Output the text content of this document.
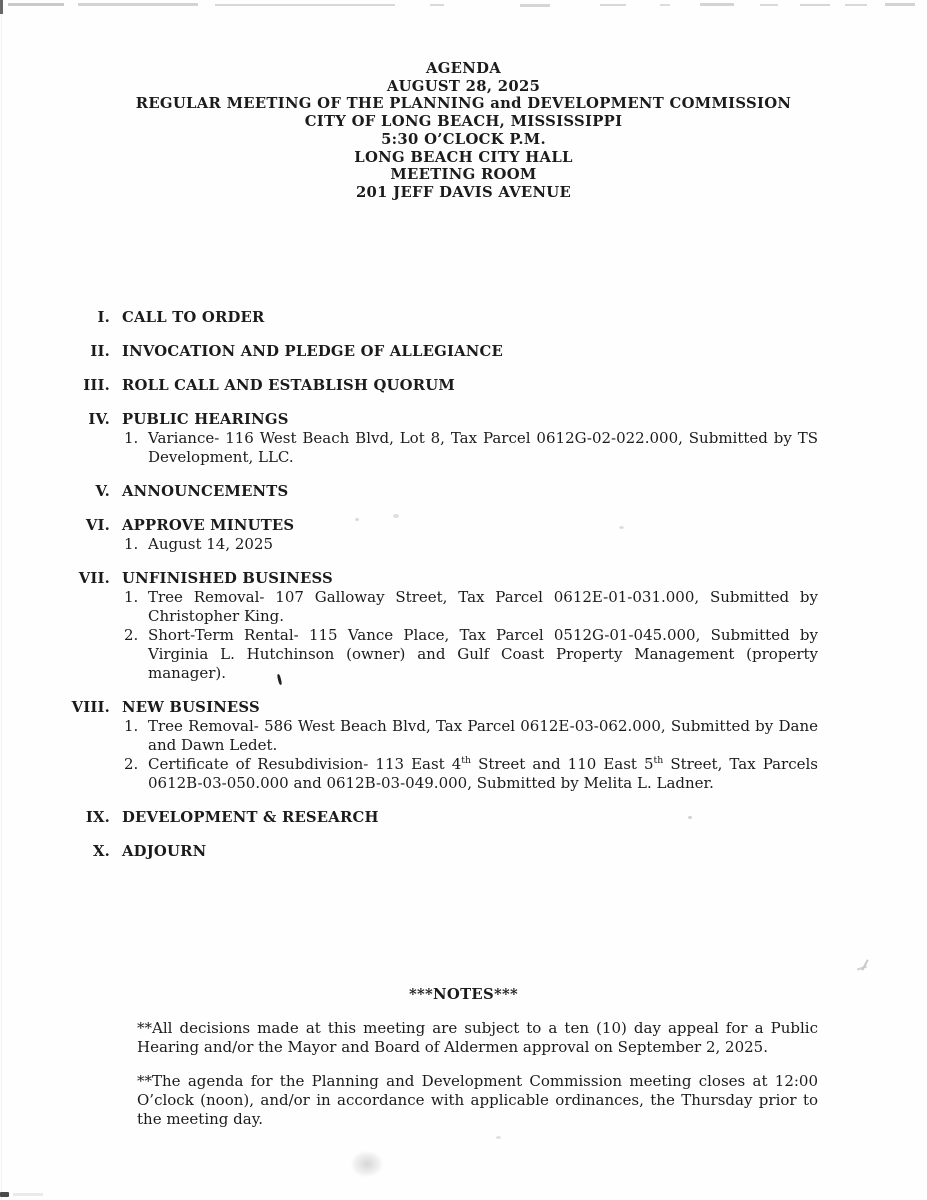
AGENDA
AUGUST 28, 2025
REGULAR MEETING OF THE PLANNING and DEVELOPMENT COMMISSION
CITY OF LONG BEACH, MISSISSIPPI
5:30 O’CLOCK P.M.
LONG BEACH CITY HALL
MEETING ROOM
201 JEFF DAVIS AVENUE
I. CALL TO ORDER
II. INVOCATION AND PLEDGE OF ALLEGIANCE
III. ROLL CALL AND ESTABLISH QUORUM
IV. PUBLIC HEARINGS
1. Variance- 116 West Beach Blvd, Lot 8, Tax Parcel 0612G-02-022.000, Submitted by TS Development, LLC.
V. ANNOUNCEMENTS
VI. APPROVE MINUTES
1. August 14, 2025
VII. UNFINISHED BUSINESS
1. Tree Removal- 107 Galloway Street, Tax Parcel 0612E-01-031.000, Submitted by Christopher King.
2. Short-Term Rental- 115 Vance Place, Tax Parcel 0512G-01-045.000, Submitted by Virginia L. Hutchinson (owner) and Gulf Coast Property Management (property manager).
VIII. NEW BUSINESS
1. Tree Removal- 586 West Beach Blvd, Tax Parcel 0612E-03-062.000, Submitted by Dane and Dawn Ledet.
2. Certificate of Resubdivision- 113 East 4th Street and 110 East 5th Street, Tax Parcels 0612B-03-050.000 and 0612B-03-049.000, Submitted by Melita L. Ladner.
IX. DEVELOPMENT & RESEARCH
X. ADJOURN
***NOTES***

**All decisions made at this meeting are subject to a ten (10) day appeal for a Public Hearing and/or the Mayor and Board of Aldermen approval on September 2, 2025.

**The agenda for the Planning and Development Commission meeting closes at 12:00 O’clock (noon), and/or in accordance with applicable ordinances, the Thursday prior to the meeting day.
